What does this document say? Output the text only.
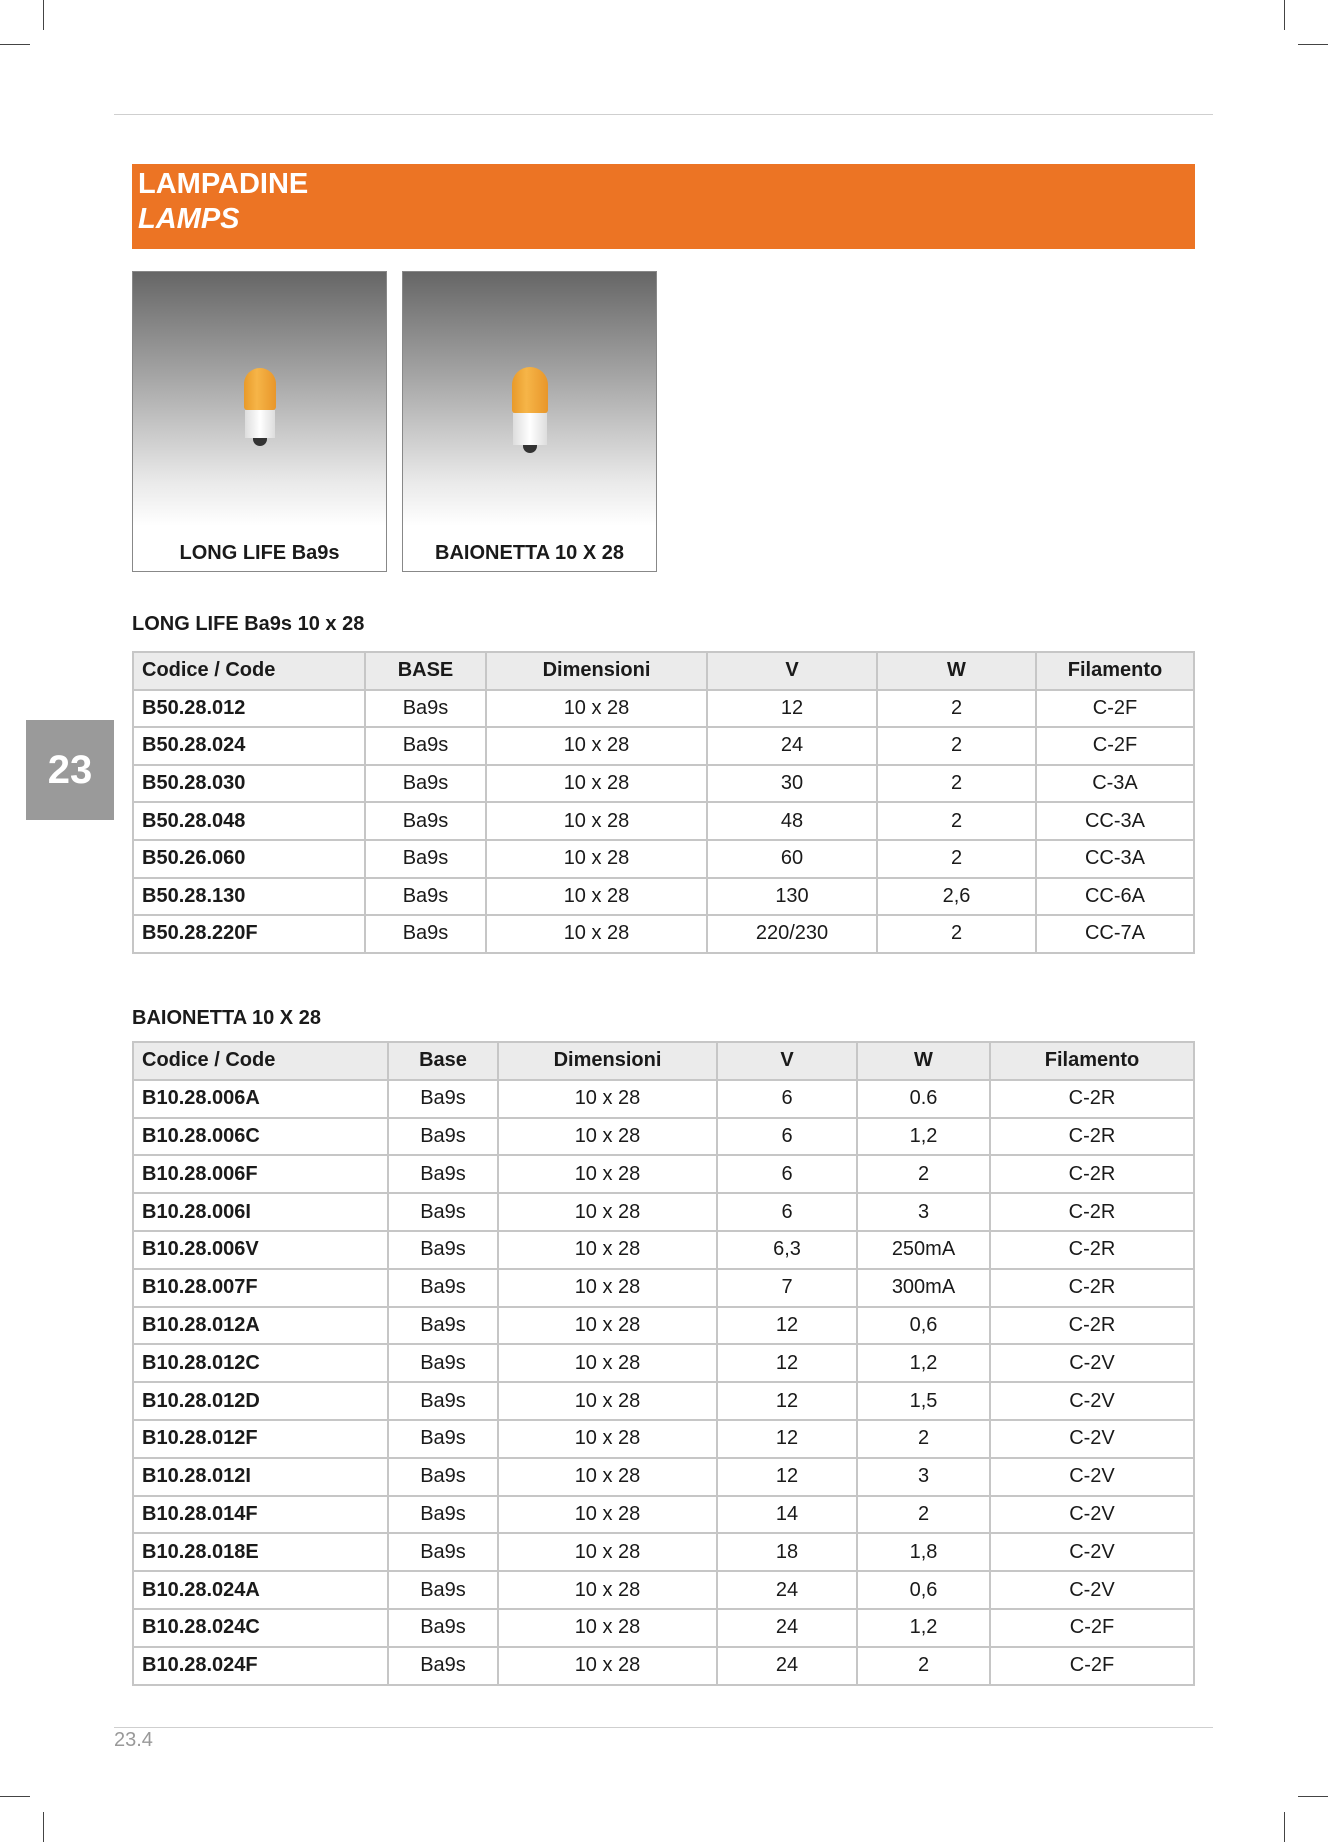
LAMPADINE
LAMPS
LONG LIFE Ba9s	BAIONETTA 10 X 28
23
LONG LIFE Ba9s 10 x 28
Codice / Code	BASE	Dimensioni	V	W	Filamento
B50.28.012	Ba9s	10 x 28	12	2	C-2F
B50.28.024	Ba9s	10 x 28	24	2	C-2F
B50.28.030	Ba9s	10 x 28	30	2	C-3A
B50.28.048	Ba9s	10 x 28	48	2	CC-3A
B50.26.060	Ba9s	10 x 28	60	2	CC-3A
B50.28.130	Ba9s	10 x 28	130	2,6	CC-6A
B50.28.220F	Ba9s	10 x 28	220/230	2	CC-7A
BAIONETTA 10 X 28
Codice / Code	Base	Dimensioni	V	W	Filamento
B10.28.006A	Ba9s	10 x 28	6	0.6	C-2R
B10.28.006C	Ba9s	10 x 28	6	1,2	C-2R
B10.28.006F	Ba9s	10 x 28	6	2	C-2R
B10.28.006I	Ba9s	10 x 28	6	3	C-2R
B10.28.006V	Ba9s	10 x 28	6,3	250mA	C-2R
B10.28.007F	Ba9s	10 x 28	7	300mA	C-2R
B10.28.012A	Ba9s	10 x 28	12	0,6	C-2R
B10.28.012C	Ba9s	10 x 28	12	1,2	C-2V
B10.28.012D	Ba9s	10 x 28	12	1,5	C-2V
B10.28.012F	Ba9s	10 x 28	12	2	C-2V
B10.28.012I	Ba9s	10 x 28	12	3	C-2V
B10.28.014F	Ba9s	10 x 28	14	2	C-2V
B10.28.018E	Ba9s	10 x 28	18	1,8	C-2V
B10.28.024A	Ba9s	10 x 28	24	0,6	C-2V
B10.28.024C	Ba9s	10 x 28	24	1,2	C-2F
B10.28.024F	Ba9s	10 x 28	24	2	C-2F
23.4
